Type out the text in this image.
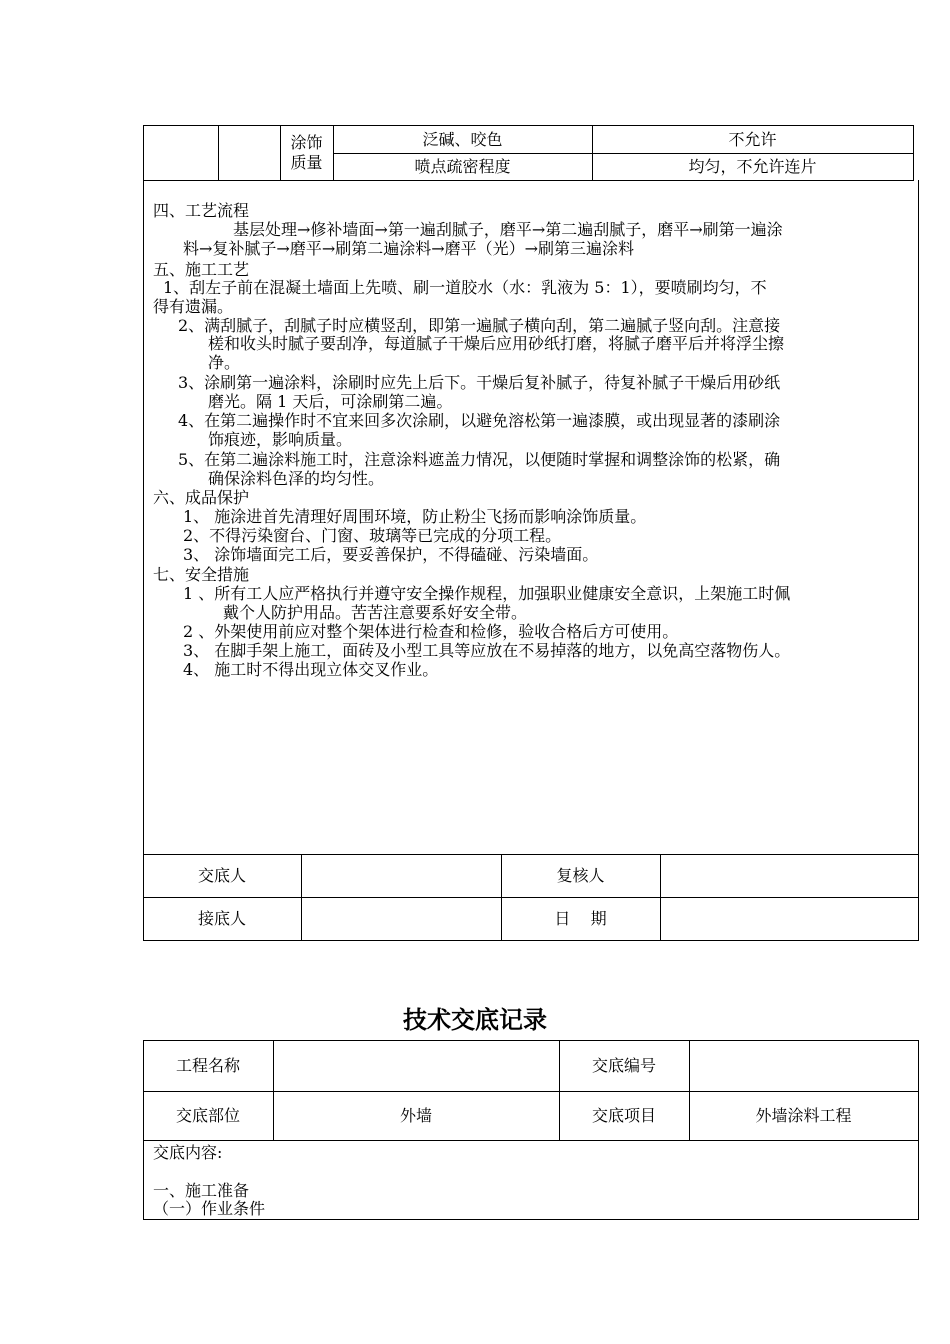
涂饰
质量
泛碱、咬色	不允许
喷点疏密程度	均匀，不允许连片
四、工艺流程
基层处理→修补墙面→第一遍刮腻子，磨平→第二遍刮腻子，磨平→刷第一遍涂
料→复补腻子→磨平→刷第二遍涂料→磨平（光）→刷第三遍涂料
五、施工工艺
1、刮左子前在混凝土墙面上先喷、刷一道胶水（水：乳液为 5：1），要喷刷均匀，不
得有遗漏。
2、满刮腻子，刮腻子时应横竖刮，即第一遍腻子横向刮，第二遍腻子竖向刮。注意接
槎和收头时腻子要刮净，每道腻子干燥后应用砂纸打磨，将腻子磨平后并将浮尘擦
净。
3、涂刷第一遍涂料，涂刷时应先上后下。干燥后复补腻子，待复补腻子干燥后用砂纸
磨光。隔 1 天后，可涂刷第二遍。
4、在第二遍操作时不宜来回多次涂刷，以避免溶松第一遍漆膜，或出现显著的漆刷涂
饰痕迹，影响质量。
5、在第二遍涂料施工时，注意涂料遮盖力情况，以便随时掌握和调整涂饰的松紧，确
确保涂料色泽的均匀性。
六、成品保护
1、 施涂进首先清理好周围环境，防止粉尘飞扬而影响涂饰质量。
2、不得污染窗台、门窗、玻璃等已完成的分项工程。
3、 涂饰墙面完工后，要妥善保护，不得磕碰、污染墙面。
七、安全措施
1 、所有工人应严格执行并遵守安全操作规程，加强职业健康安全意识，上架施工时佩
戴个人防护用品。苦苦注意要系好安全带。
2 、外架使用前应对整个架体进行检查和检修，验收合格后方可使用。
3、 在脚手架上施工，面砖及小型工具等应放在不易掉落的地方，以免高空落物伤人。
4、 施工时不得出现立体交叉作业。
交底人	复核人
接底人	日    期
技术交底记录
工程名称	交底编号
交底部位	外墙	交底项目	外墙涂料工程
交底内容:
一、施工准备
（一）作业条件
